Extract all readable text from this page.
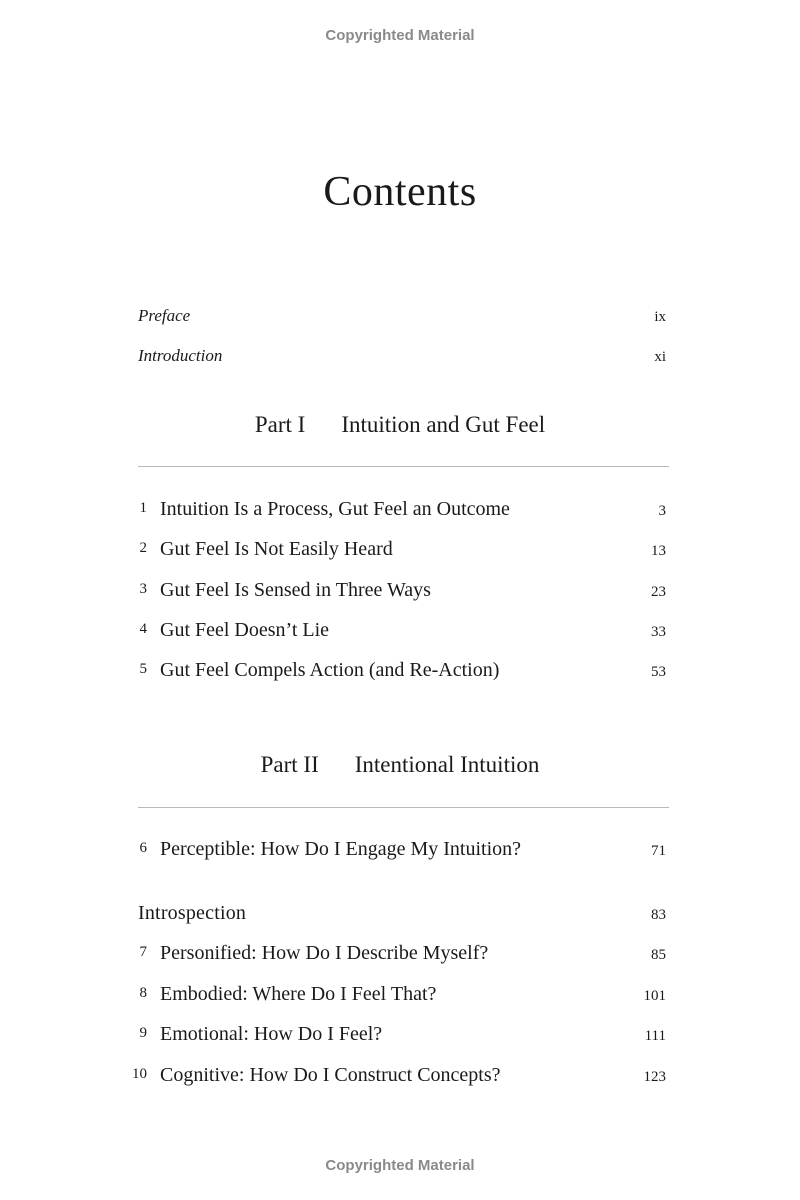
Copyrighted Material
Contents
Preface	ix
Introduction	xi
Part I Intuition and Gut Feel
1 Intuition Is a Process, Gut Feel an Outcome	3
2 Gut Feel Is Not Easily Heard	13
3 Gut Feel Is Sensed in Three Ways	23
4 Gut Feel Doesn’t Lie	33
5 Gut Feel Compels Action (and Re-Action)	53
Part II Intentional Intuition
6 Perceptible: How Do I Engage My Intuition?	71
Introspection	83
7 Personified: How Do I Describe Myself?	85
8 Embodied: Where Do I Feel That?	101
9 Emotional: How Do I Feel?	111
10 Cognitive: How Do I Construct Concepts?	123
Copyrighted Material
